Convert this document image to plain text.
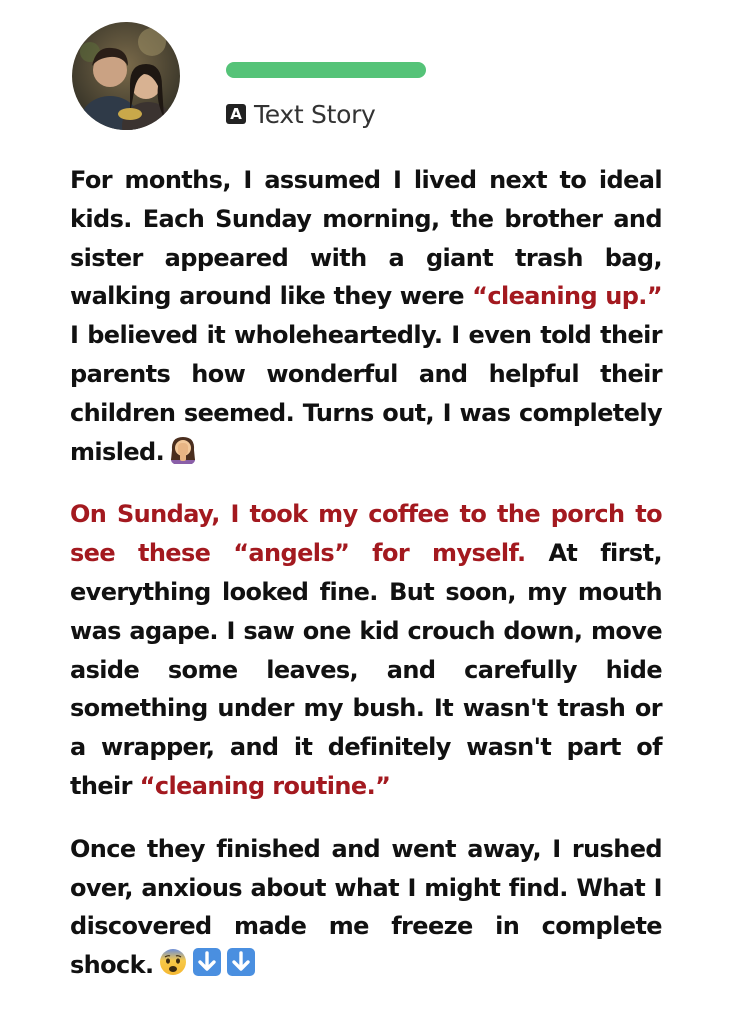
A Text Story

For months, I assumed I lived next to ideal kids. Each Sunday morning, the brother and sister appeared with a giant trash bag, walking around like they were “cleaning up.” I believed it wholeheartedly. I even told their parents how wonderful and helpful their children seemed. Turns out, I was completely misled.

On Sunday, I took my coffee to the porch to see these “angels” for myself. At first, everything looked fine. But soon, my mouth was agape. I saw one kid crouch down, move aside some leaves, and carefully hide something under my bush. It wasn't trash or a wrapper, and it definitely wasn't part of their “cleaning routine.”

Once they finished and went away, I rushed over, anxious about what I might find. What I discovered made me freeze in complete shock.
